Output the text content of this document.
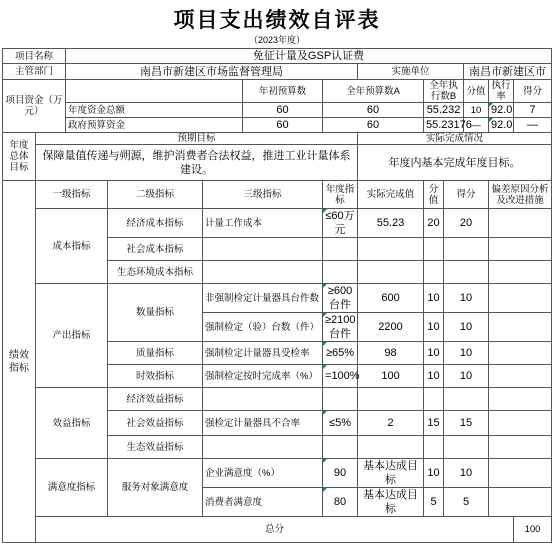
项目支出绩效自评表
（2023年度）
项目名称		免征计量及GSP认证费											
主管部门		南昌市新建区市场监督管理局					实施单位			南昌市新建区市			
项目资金（万元）					年初预算数	全年预算数A		全年执行数B		分值	执行率	得分	
		年度资金总额			60	60		55.232		10	92.0	7	
		政府预算资金			60	60		55.23176		—	92.0	—	
年度总体目标	预期目标						实际完成情况						
	保障量值传递与朔源，维护消费者合法权益，推进工业计量体系建设。						年度内基本完成年度目标。						
绩效指标	一级指标		二级指标	三级指标		年度指标	实际完成值	分值	得分		偏差原因分析及改进措施		
	成本指标		经济成本指标	计量工作成本		≤60万元	55.23	20	20				
			社会成本指标										
			生态环境成本指标										
	产出指标		数量指标	非强制检定计量器具台件数		≥600台件	600	10	10				
				强制检定（验）台数（件）		≥2100台件	2200	10	10				
			质量指标	强制检定计量器具受检率		≥65%	98	10	10				
			时效指标	强制检定按时完成率（%）		=100%	100	10	10				
	效益指标		经济效益指标										
			社会效益指标	强检定计量器具不合率		≤5%	2	15	15				
			生态效益指标										
	满意度指标		服务对象满意度	企业满意度（%）		90	基本达成目标	10	10				
				消费者满意度		80	基本达成目标	5	5				
	总分											100	
